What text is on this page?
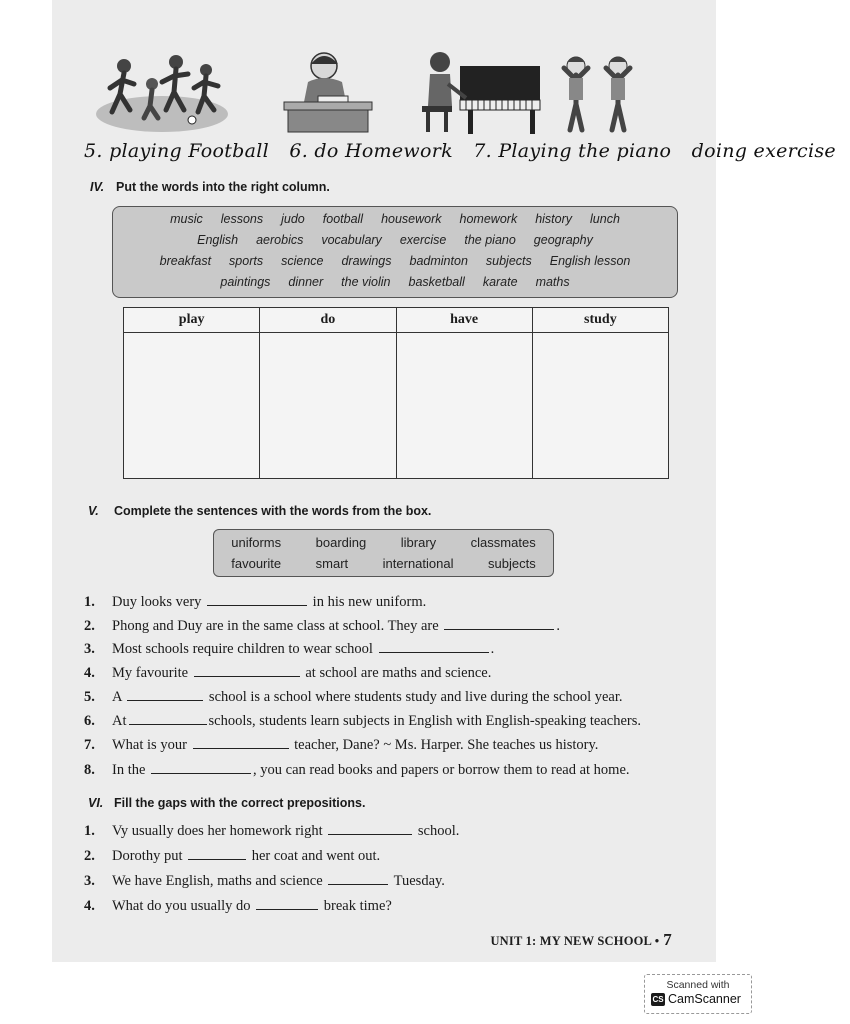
5. playing Football 6. do Homework 7. Playing the piano doing exercise
IV. Put the words into the right column.
music	lessons	judo	football	housework	homework	history	lunch
English	aerobics	vocabulary	exercise	the piano	geography
breakfast	sports	science	drawings	badminton	subjects	English lesson
paintings	dinner	the violin	basketball	karate	maths
play	do	have	study

V. Complete the sentences with the words from the box.
uniforms	boarding	library	classmates
favourite	smart	international	subjects
1. Duy looks very	in his new uniform.
2. Phong and Duy are in the same class at school. They are	.
3. Most schools require children to wear school	.
4. My favourite	at school are maths and science.
5. A	school is a school where students study and live during the school year.
6. At	schools, students learn subjects in English with English-speaking teachers.
7. What is your	teacher, Dane? ~ Ms. Harper. She teaches us history.
8. In the	, you can read books and papers or borrow them to read at home.
VI. Fill the gaps with the correct prepositions.
1. Vy usually does her homework right	school.
2. Dorothy put	her coat and went out.
3. We have English, maths and science	Tuesday.
4. What do you usually do	break time?
UNIT 1: MY NEW SCHOOL • 7
Scanned with
CS CamScanner
